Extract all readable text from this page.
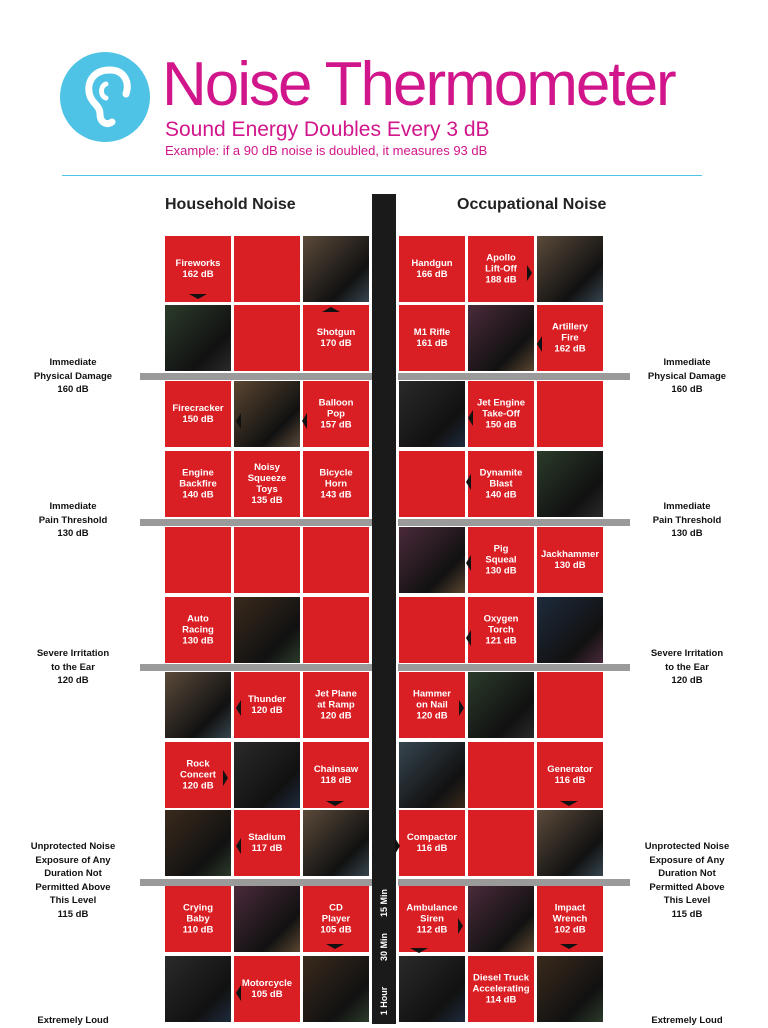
Noise Thermometer
Sound Energy Doubles Every 3 dB
Example: if a 90 dB noise is doubled, it measures 93 dB
Household Noise	Occupational Noise
15 Min
30 Min
1 Hour
Fireworks
162 dB
Shotgun
170 dB
Firecracker
150 dB
Balloon
Pop
157 dB
Engine
Backfire
140 dB
Noisy
Squeeze
Toys
135 dB
Bicycle
Horn
143 dB
Auto
Racing
130 dB
Thunder
120 dB
Jet Plane
at Ramp
120 dB
Rock
Concert
120 dB
Chainsaw
118 dB
Stadium
117 dB
Crying
Baby
110 dB
CD
Player
105 dB
Motorcycle
105 dB
Handgun
166 dB
Apollo
Lift-Off
188 dB
M1 Rifle
161 dB
Artillery
Fire
162 dB
Jet Engine
Take-Off
150 dB
Dynamite
Blast
140 dB
Pig
Squeal
130 dB
Jackhammer
130 dB
Oxygen
Torch
121 dB
Hammer
on Nail
120 dB
Generator
116 dB
Compactor
116 dB
Ambulance
Siren
112 dB
Impact
Wrench
102 dB
Diesel Truck
Accelerating
114 dB
Immediate
Physical Damage
160 dB
Immediate
Physical Damage
160 dB
Immediate
Pain Threshold
130 dB
Immediate
Pain Threshold
130 dB
Severe Irritation
to the Ear
120 dB
Severe Irritation
to the Ear
120 dB
Unprotected Noise
Exposure of Any
Duration Not
Permitted Above
This Level
115 dB
Unprotected Noise
Exposure of Any
Duration Not
Permitted Above
This Level
115 dB
Extremely Loud	Extremely Loud
